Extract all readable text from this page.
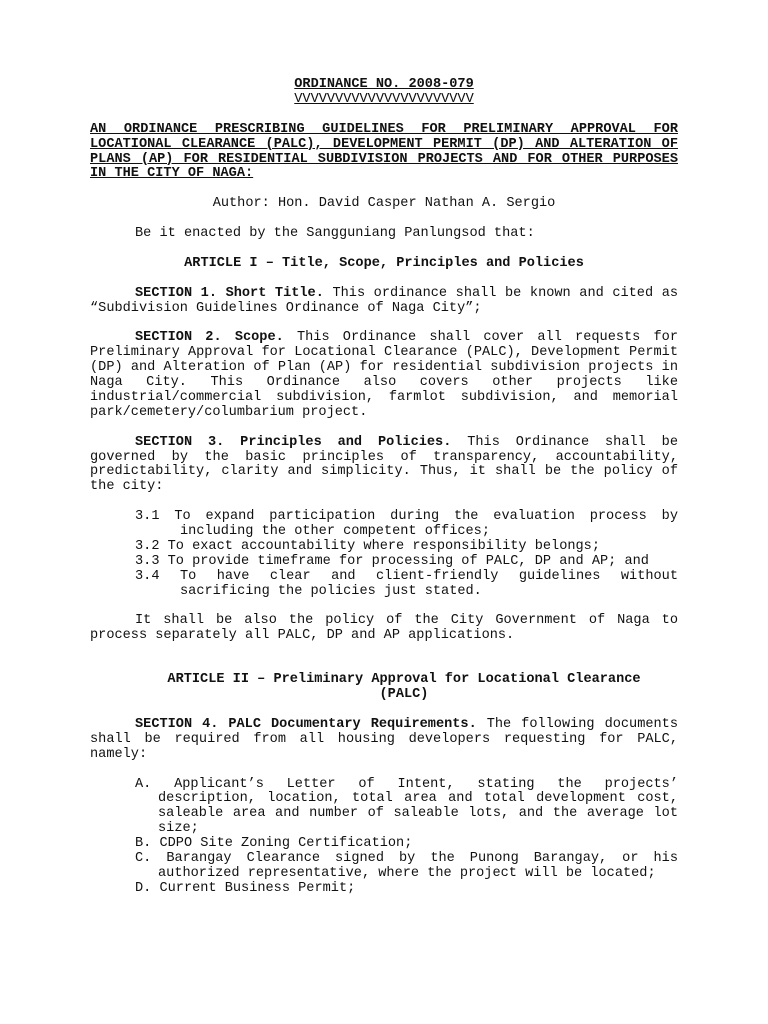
ORDINANCE NO. 2008-079

VVVVVVVVVVVVVVVVVVVVVV

AN ORDINANCE PRESCRIBING GUIDELINES FOR PRELIMINARY APPROVAL FOR LOCATIONAL CLEARANCE (PALC), DEVELOPMENT PERMIT (DP) AND ALTERATION OF PLANS (AP) FOR RESIDENTIAL SUBDIVISION PROJECTS AND FOR OTHER PURPOSES IN THE CITY OF NAGA:

Author: Hon. David Casper Nathan A. Sergio

Be it enacted by the Sangguniang Panlungsod that:

ARTICLE I – Title, Scope, Principles and Policies

SECTION 1. Short Title. This ordinance shall be known and cited as “Subdivision Guidelines Ordinance of Naga City”;

SECTION 2. Scope. This Ordinance shall cover all requests for Preliminary Approval for Locational Clearance (PALC), Development Permit (DP) and Alteration of Plan (AP) for residential subdivision projects in Naga City. This Ordinance also covers other projects like industrial/commercial subdivision, farmlot subdivision, and memorial park/cemetery/columbarium project.

SECTION 3. Principles and Policies. This Ordinance shall be governed by the basic principles of transparency, accountability, predictability, clarity and simplicity. Thus, it shall be the policy of the city:

3.1 To expand participation during the evaluation process by including the other competent offices;

3.2 To exact accountability where responsibility belongs;

3.3 To provide timeframe for processing of PALC, DP and AP; and

3.4 To have clear and client-friendly guidelines without sacrificing the policies just stated.

It shall be also the policy of the City Government of Naga to process separately all PALC, DP and AP applications.

ARTICLE II – Preliminary Approval for Locational Clearance

(PALC)

SECTION 4. PALC Documentary Requirements. The following documents shall be required from all housing developers requesting for PALC, namely:

A. Applicant’s Letter of Intent, stating the projects’ description, location, total area and total development cost, saleable area and number of saleable lots, and the average lot size;

B. CDPO Site Zoning Certification;

C. Barangay Clearance signed by the Punong Barangay, or his authorized representative, where the project will be located;

D. Current Business Permit;
